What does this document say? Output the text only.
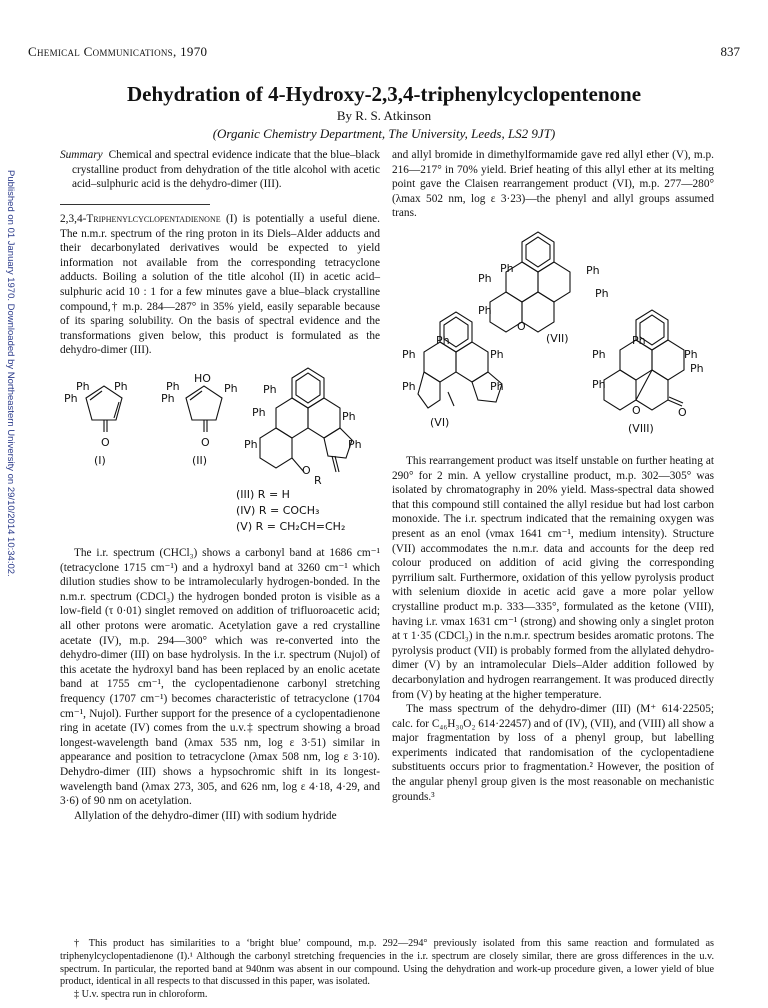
Chemical Communications, 1970	837
Dehydration of 4-Hydroxy-2,3,4-triphenylcyclopentenone
By R. S. Atkinson
(Organic Chemistry Department, The University, Leeds, LS2 9JT)
Published on 01 January 1970. Downloaded by Northeastern University on 29/10/2014 10:34:02.

Summary Chemical and spectral evidence indicate that the blue–black crystalline product from dehydration of the title alcohol with acetic acid–sulphuric acid is the dehydro-dimer (III).

2,3,4-Triphenylcyclopentadienone (I) is potentially a useful diene. The n.m.r. spectrum of the ring proton in its Diels–Alder adducts and their decarbonylated derivatives would be expected to yield information not available from the corresponding tetracyclone adducts. Boiling a solution of the title alcohol (II) in acetic acid–sulphuric acid 10 : 1 for a few minutes gave a blue–black crystalline compound,† m.p. 284—287° in 35% yield, easily separable because of its sparing solubility. On the basis of spectral evidence and the transformations given below, this product is formulated as the dehydro-dimer (III).

Ph
Ph Ph
O
(I)
Ph
Ph	Ph
HO
O
(II)
Ph
Ph
Ph
Ph	Ph
O
R
(III) R = H
(IV) R = COCH₃
(V) R = CH₂CH=CH₂

The i.r. spectrum (CHCl₃) shows a carbonyl band at 1686 cm⁻¹ (tetracyclone 1715 cm⁻¹) and a hydroxyl band at 3260 cm⁻¹ which dilution studies show to be intramolecularly hydrogen-bonded. In the n.m.r. spectrum (CDCl₃) the hydrogen bonded proton is visible as a low-field (τ 0·01) singlet removed on addition of trifluoroacetic acid; all other protons were aromatic. Acetylation gave a red crystalline acetate (IV), m.p. 294—300° which was re-converted into the dehydro-dimer (III) on base hydrolysis. In the i.r. spectrum (Nujol) of this acetate the hydroxyl band has been replaced by an enolic acetate band at 1755 cm⁻¹, the cyclopentadienone carbonyl stretching frequency (1707 cm⁻¹) becomes characteristic of tetracyclone (1704 cm⁻¹, Nujol). Further support for the presence of a cyclopentadienone ring in acetate (IV) comes from the u.v.‡ spectrum showing a broad longest-wavelength band (λmax 535 nm, log ε 3·51) similar in appearance and position to tetracyclone (λmax 508 nm, log ε 3·10). Dehydro-dimer (III) shows a hypsochromic shift in its longest-wavelength band (λmax 273, 305, and 626 nm, log ε 4·18, 4·29, and 3·6) of 90 nm on acetylation.

Allylation of the dehydro-dimer (III) with sodium hydride

and allyl bromide in dimethylformamide gave red allyl ether (V), m.p. 216—217° in 70% yield. Brief heating of this allyl ether at its melting point gave the Claisen rearrangement product (VI), m.p. 277—280° (λmax 502 nm, log ε 3·23)—the phenyl and allyl groups assumed trans.

Ph	Ph
Ph
Ph
Ph
O
(VII)
Ph
Ph	Ph
Ph	Ph
(VI)
Ph
Ph	Ph
Ph
Ph
O	O
(VIII)

This rearrangement product was itself unstable on further heating at 290° for 2 min. A yellow crystalline product, m.p. 302—305° was isolated by chromatography in 20% yield. Mass-spectral data showed that this compound still contained the allyl residue but had lost carbon monoxide. The i.r. spectrum indicated that the remaining oxygen was present as an enol (νmax 1641 cm⁻¹, medium intensity). Structure (VII) accommodates the n.m.r. data and accounts for the deep red colour produced on addition of acid giving the corresponding pyrrilium salt. Furthermore, oxidation of this yellow pyrolysis product with selenium dioxide in acetic acid gave a more polar yellow crystalline product m.p. 333—335°, formulated as the ketone (VIII), having i.r. νmax 1631 cm⁻¹ (strong) and showing only a singlet proton at τ 1·35 (CDCl₃) in the n.m.r. spectrum besides aromatic protons. The pyrolysis product (VII) is probably formed from the allylated dehydro-dimer (V) by an intramolecular Diels–Alder addition followed by decarbonylation and hydrogen rearrangement. It was produced directly from (V) by heating at the higher temperature.

The mass spectrum of the dehydro-dimer (III) (M⁺ 614·22505; calc. for C₄₆H₃₀O₂ 614·22457) and of (IV), (VII), and (VIII) all show a major fragmentation by loss of a phenyl group, but labelling experiments indicated that randomisation of the cyclopentadiene substituents occurs prior to fragmentation.² However, the position of the angular phenyl group given is the most reasonable on mechanistic grounds.³

† This product has similarities to a ‘bright blue’ compound, m.p. 292—294° previously isolated from this same reaction and formulated as triphenylcyclopentadienone (I).¹ Although the carbonyl stretching frequencies in the i.r. spectrum are closely similar, there are gross differences in the u.v. spectrum. In particular, the reported band at 940nm was absent in our compound. Using the dehydration and work-up procedure given, a lower yield of blue product, identical in all respects to that discussed in this paper, was isolated.

‡ U.v. spectra run in chloroform.
